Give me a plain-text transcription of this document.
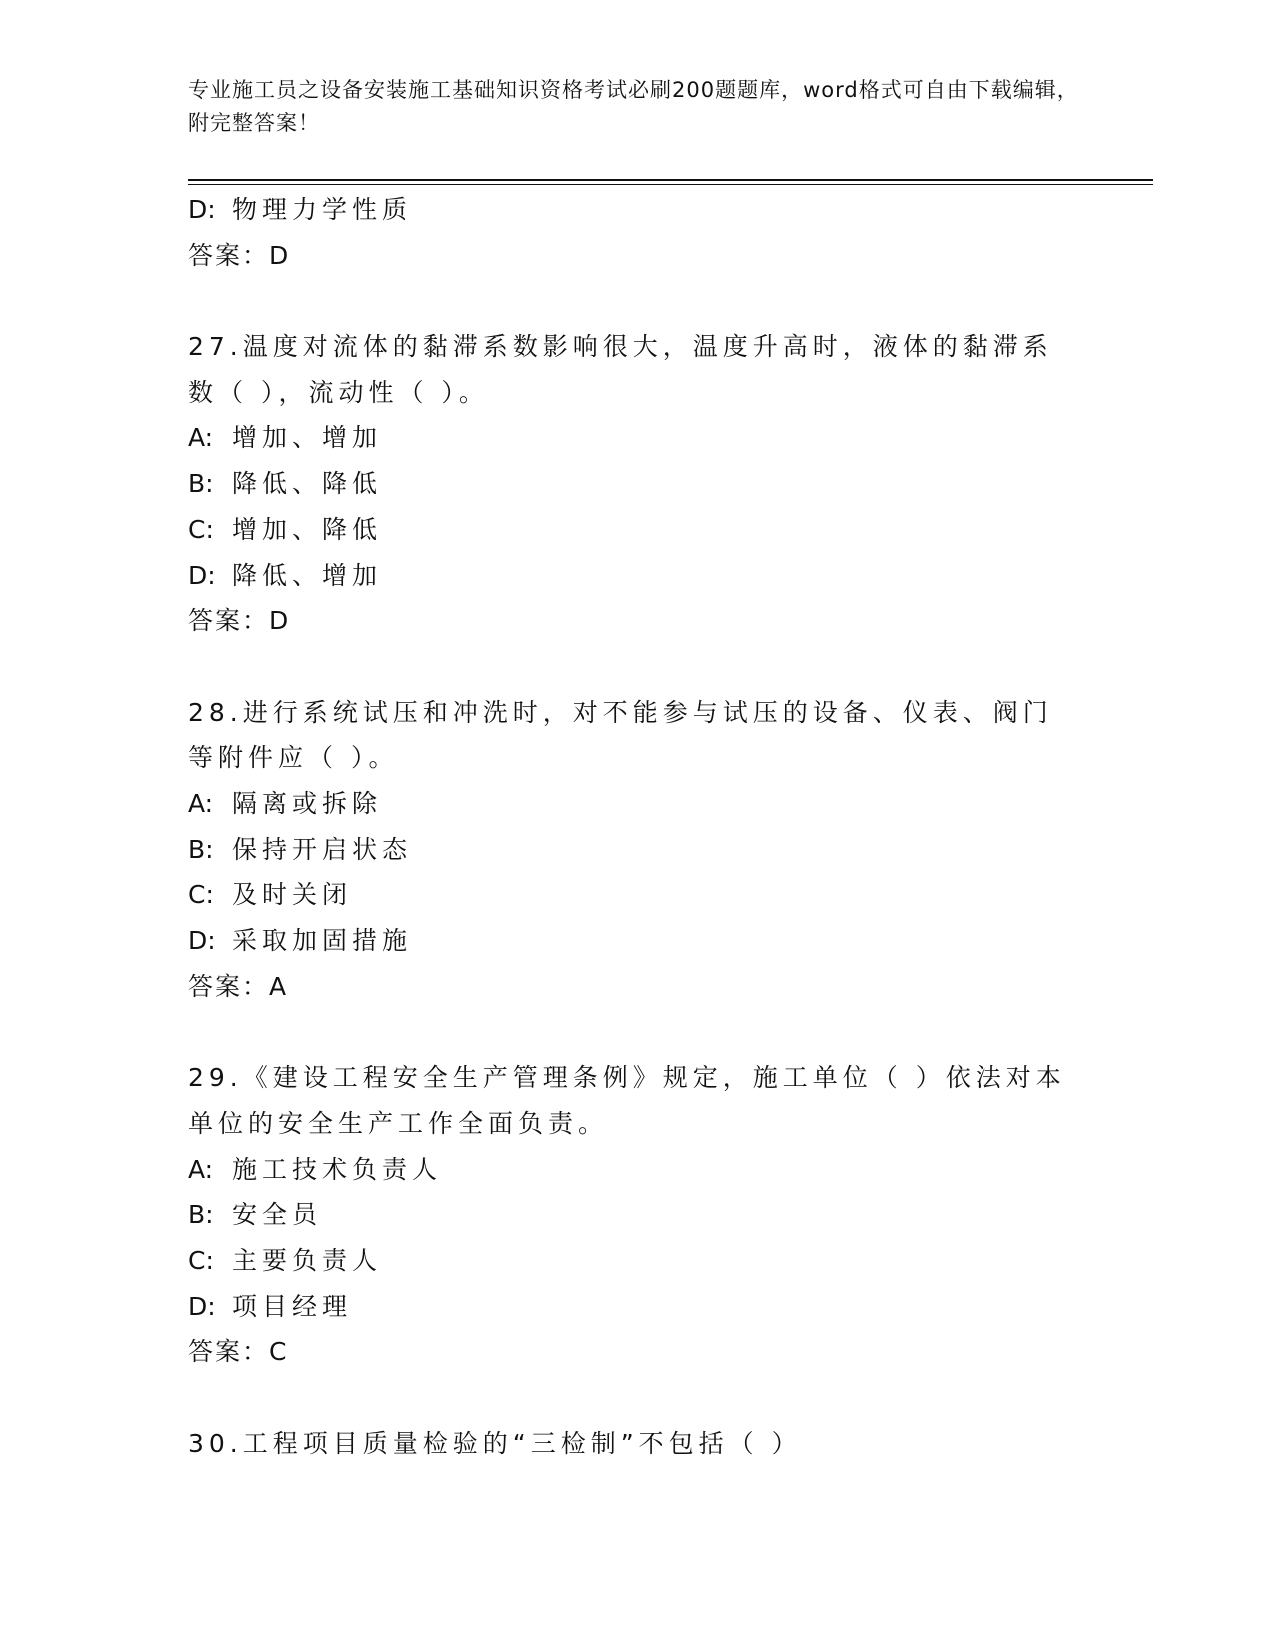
专业施工员之设备安装施工基础知识资格考试必刷200题题库，word格式可自由下载编辑，附完整答案！
D: 物理力学性质
答案：D
27.温度对流体的黏滞系数影响很大，温度升高时，液体的黏滞系数（ ），流动性（ ）。
A: 增加、增加
B: 降低、降低
C: 增加、降低
D: 降低、增加
答案：D
28.进行系统试压和冲洗时，对不能参与试压的设备、仪表、阀门等附件应（ ）。
A: 隔离或拆除
B: 保持开启状态
C: 及时关闭
D: 采取加固措施
答案：A
29.《建设工程安全生产管理条例》规定，施工单位（ ）依法对本单位的安全生产工作全面负责。
A: 施工技术负责人
B: 安全员
C: 主要负责人
D: 项目经理
答案：C
30.工程项目质量检验的“三检制”不包括（ ）
